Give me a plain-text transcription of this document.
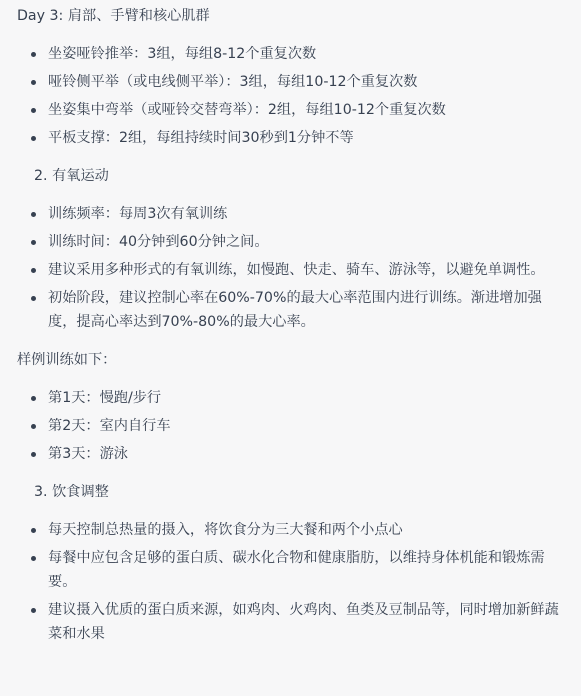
Day 3: 肩部、手臂和核心肌群

坐姿哑铃推举：3组，每组8-12个重复次数
哑铃侧平举（或电线侧平举）：3组，每组10-12个重复次数
坐姿集中弯举（或哑铃交替弯举）：2组，每组10-12个重复次数
平板支撑：2组，每组持续时间30秒到1分钟不等

2. 有氧运动

训练频率：每周3次有氧训练
训练时间：40分钟到60分钟之间。
建议采用多种形式的有氧训练，如慢跑、快走、骑车、游泳等，以避免单调性。
初始阶段，建议控制心率在60%-70%的最大心率范围内进行训练。渐进增加强度，提高心率达到70%-80%的最大心率。

样例训练如下：

第1天：慢跑/步行
第2天：室内自行车
第3天：游泳

3. 饮食调整

每天控制总热量的摄入，将饮食分为三大餐和两个小点心
每餐中应包含足够的蛋白质、碳水化合物和健康脂肪，以维持身体机能和锻炼需要。
建议摄入优质的蛋白质来源，如鸡肉、火鸡肉、鱼类及豆制品等，同时增加新鲜蔬菜和水果
